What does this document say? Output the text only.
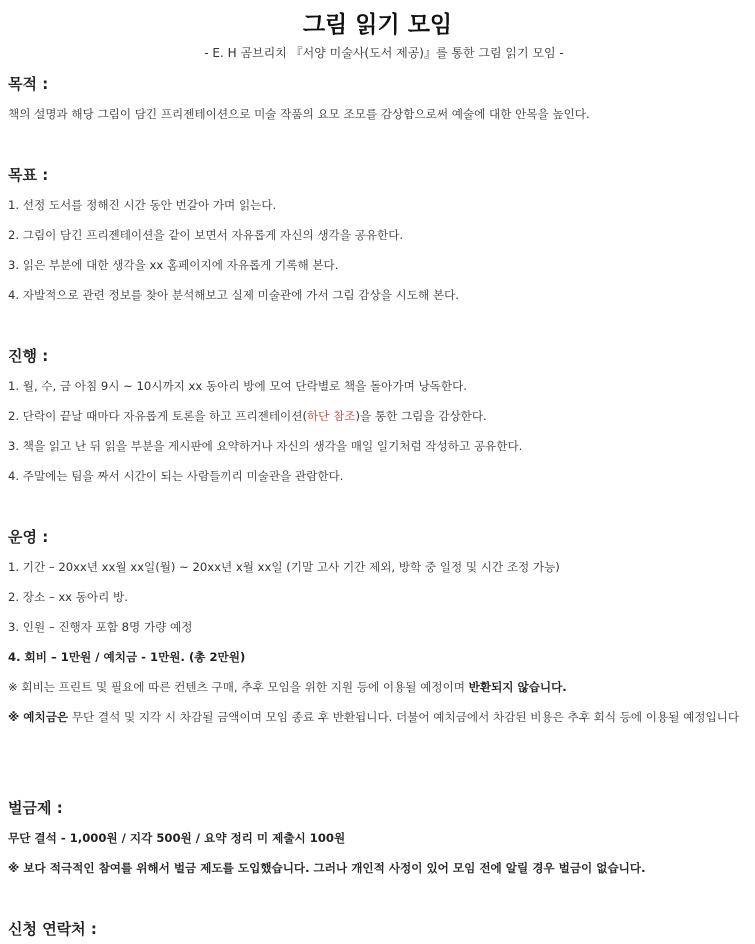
그림 읽기 모임
- E. H 곰브리치 『서양 미술사(도서 제공)』를 통한 그림 읽기 모임 -
목적 :
책의 설명과 해당 그림이 담긴 프리젠테이션으로 미술 작품의 요모 조모를 감상함으로써 예술에 대한 안목을 높인다.
목표 :
1. 선정 도서를 정해진 시간 동안 번갈아 가며 읽는다.
2. 그림이 담긴 프리젠테이션을 같이 보면서 자유롭게 자신의 생각을 공유한다.
3. 읽은 부분에 대한 생각을 xx 홈페이지에 자유롭게 기록해 본다.
4. 자발적으로 관련 정보를 찾아 분석해보고 실제 미술관에 가서 그림 감상을 시도해 본다.
진행 :
1. 월, 수, 금 아침 9시 ~ 10시까지 xx 동아리 방에 모여 단락별로 책을 돌아가며 낭독한다.
2. 단락이 끝날 때마다 자유롭게 토론을 하고 프리젠테이션(하단 참조)을 통한 그림을 감상한다.
3. 책을 읽고 난 뒤 읽을 부분을 게시판에 요약하거나 자신의 생각을 매일 일기처럼 작성하고 공유한다.
4. 주말에는 팀을 짜서 시간이 되는 사람들끼리 미술관을 관람한다.
운영 :
1. 기간 – 20xx년 xx월 xx일(월) ~ 20xx년 x월 xx일 (기말 고사 기간 제외, 방학 중 일정 및 시간 조정 가능)
2. 장소 – xx 동아리 방.
3. 인원 – 진행자 포함 8명 가량 예정
4. 회비 – 1만원 / 예치금 - 1만원. (총 2만원)
※ 회비는 프린트 및 필요에 따른 컨텐츠 구매, 추후 모임을 위한 지원 등에 이용될 예정이며 반환되지 않습니다.
※ 예치금은 무단 결석 및 지각 시 차감될 금액이며 모임 종료 후 반환됩니다. 더불어 예치금에서 차감된 비용은 추후 회식 등에 이용될 예정입니다
벌금제 :
무단 결석 - 1,000원 / 지각 500원 / 요약 정리 미 제출시 100원
※ 보다 적극적인 참여를 위해서 벌금 제도를 도입했습니다. 그러나 개인적 사정이 있어 모임 전에 알릴 경우 벌금이 없습니다.
신청 연락처 :
